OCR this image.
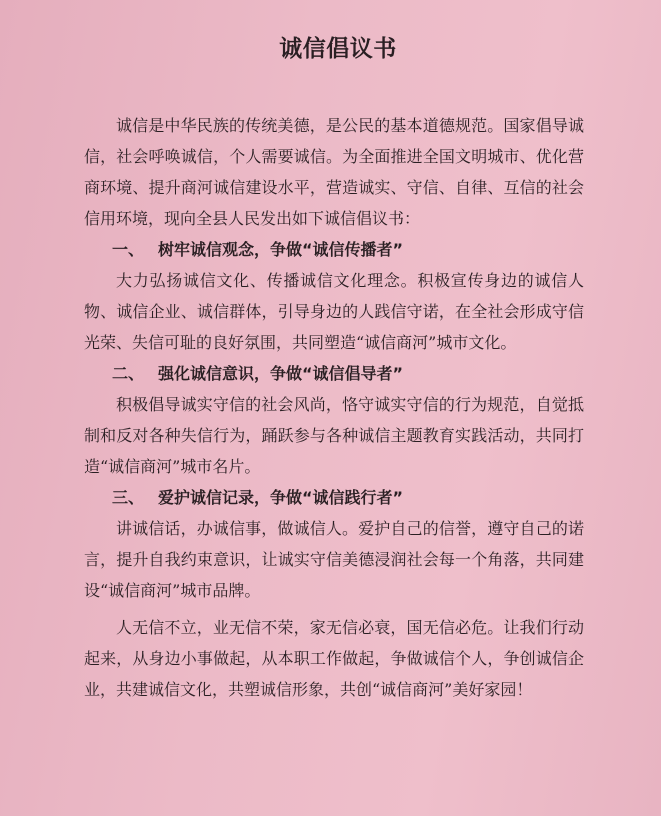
诚信倡议书

诚信是中华民族的传统美德，是公民的基本道德规范。国家倡导诚信，社会呼唤诚信，个人需要诚信。为全面推进全国文明城市、优化营商环境、提升商河诚信建设水平，营造诚实、守信、自律、互信的社会信用环境，现向全县人民发出如下诚信倡议书：

一、 树牢诚信观念，争做“诚信传播者”

大力弘扬诚信文化、传播诚信文化理念。积极宣传身边的诚信人物、诚信企业、诚信群体，引导身边的人践信守诺，在全社会形成守信光荣、失信可耻的良好氛围，共同塑造“诚信商河”城市文化。

二、 强化诚信意识，争做“诚信倡导者”

积极倡导诚实守信的社会风尚，恪守诚实守信的行为规范，自觉抵制和反对各种失信行为，踊跃参与各种诚信主题教育实践活动，共同打造“诚信商河”城市名片。

三、 爱护诚信记录，争做“诚信践行者”

讲诚信话，办诚信事，做诚信人。爱护自己的信誉，遵守自己的诺言，提升自我约束意识，让诚实守信美德浸润社会每一个角落，共同建设“诚信商河”城市品牌。

人无信不立，业无信不荣，家无信必衰，国无信必危。让我们行动起来，从身边小事做起，从本职工作做起，争做诚信个人，争创诚信企业，共建诚信文化，共塑诚信形象，共创“诚信商河”美好家园！
